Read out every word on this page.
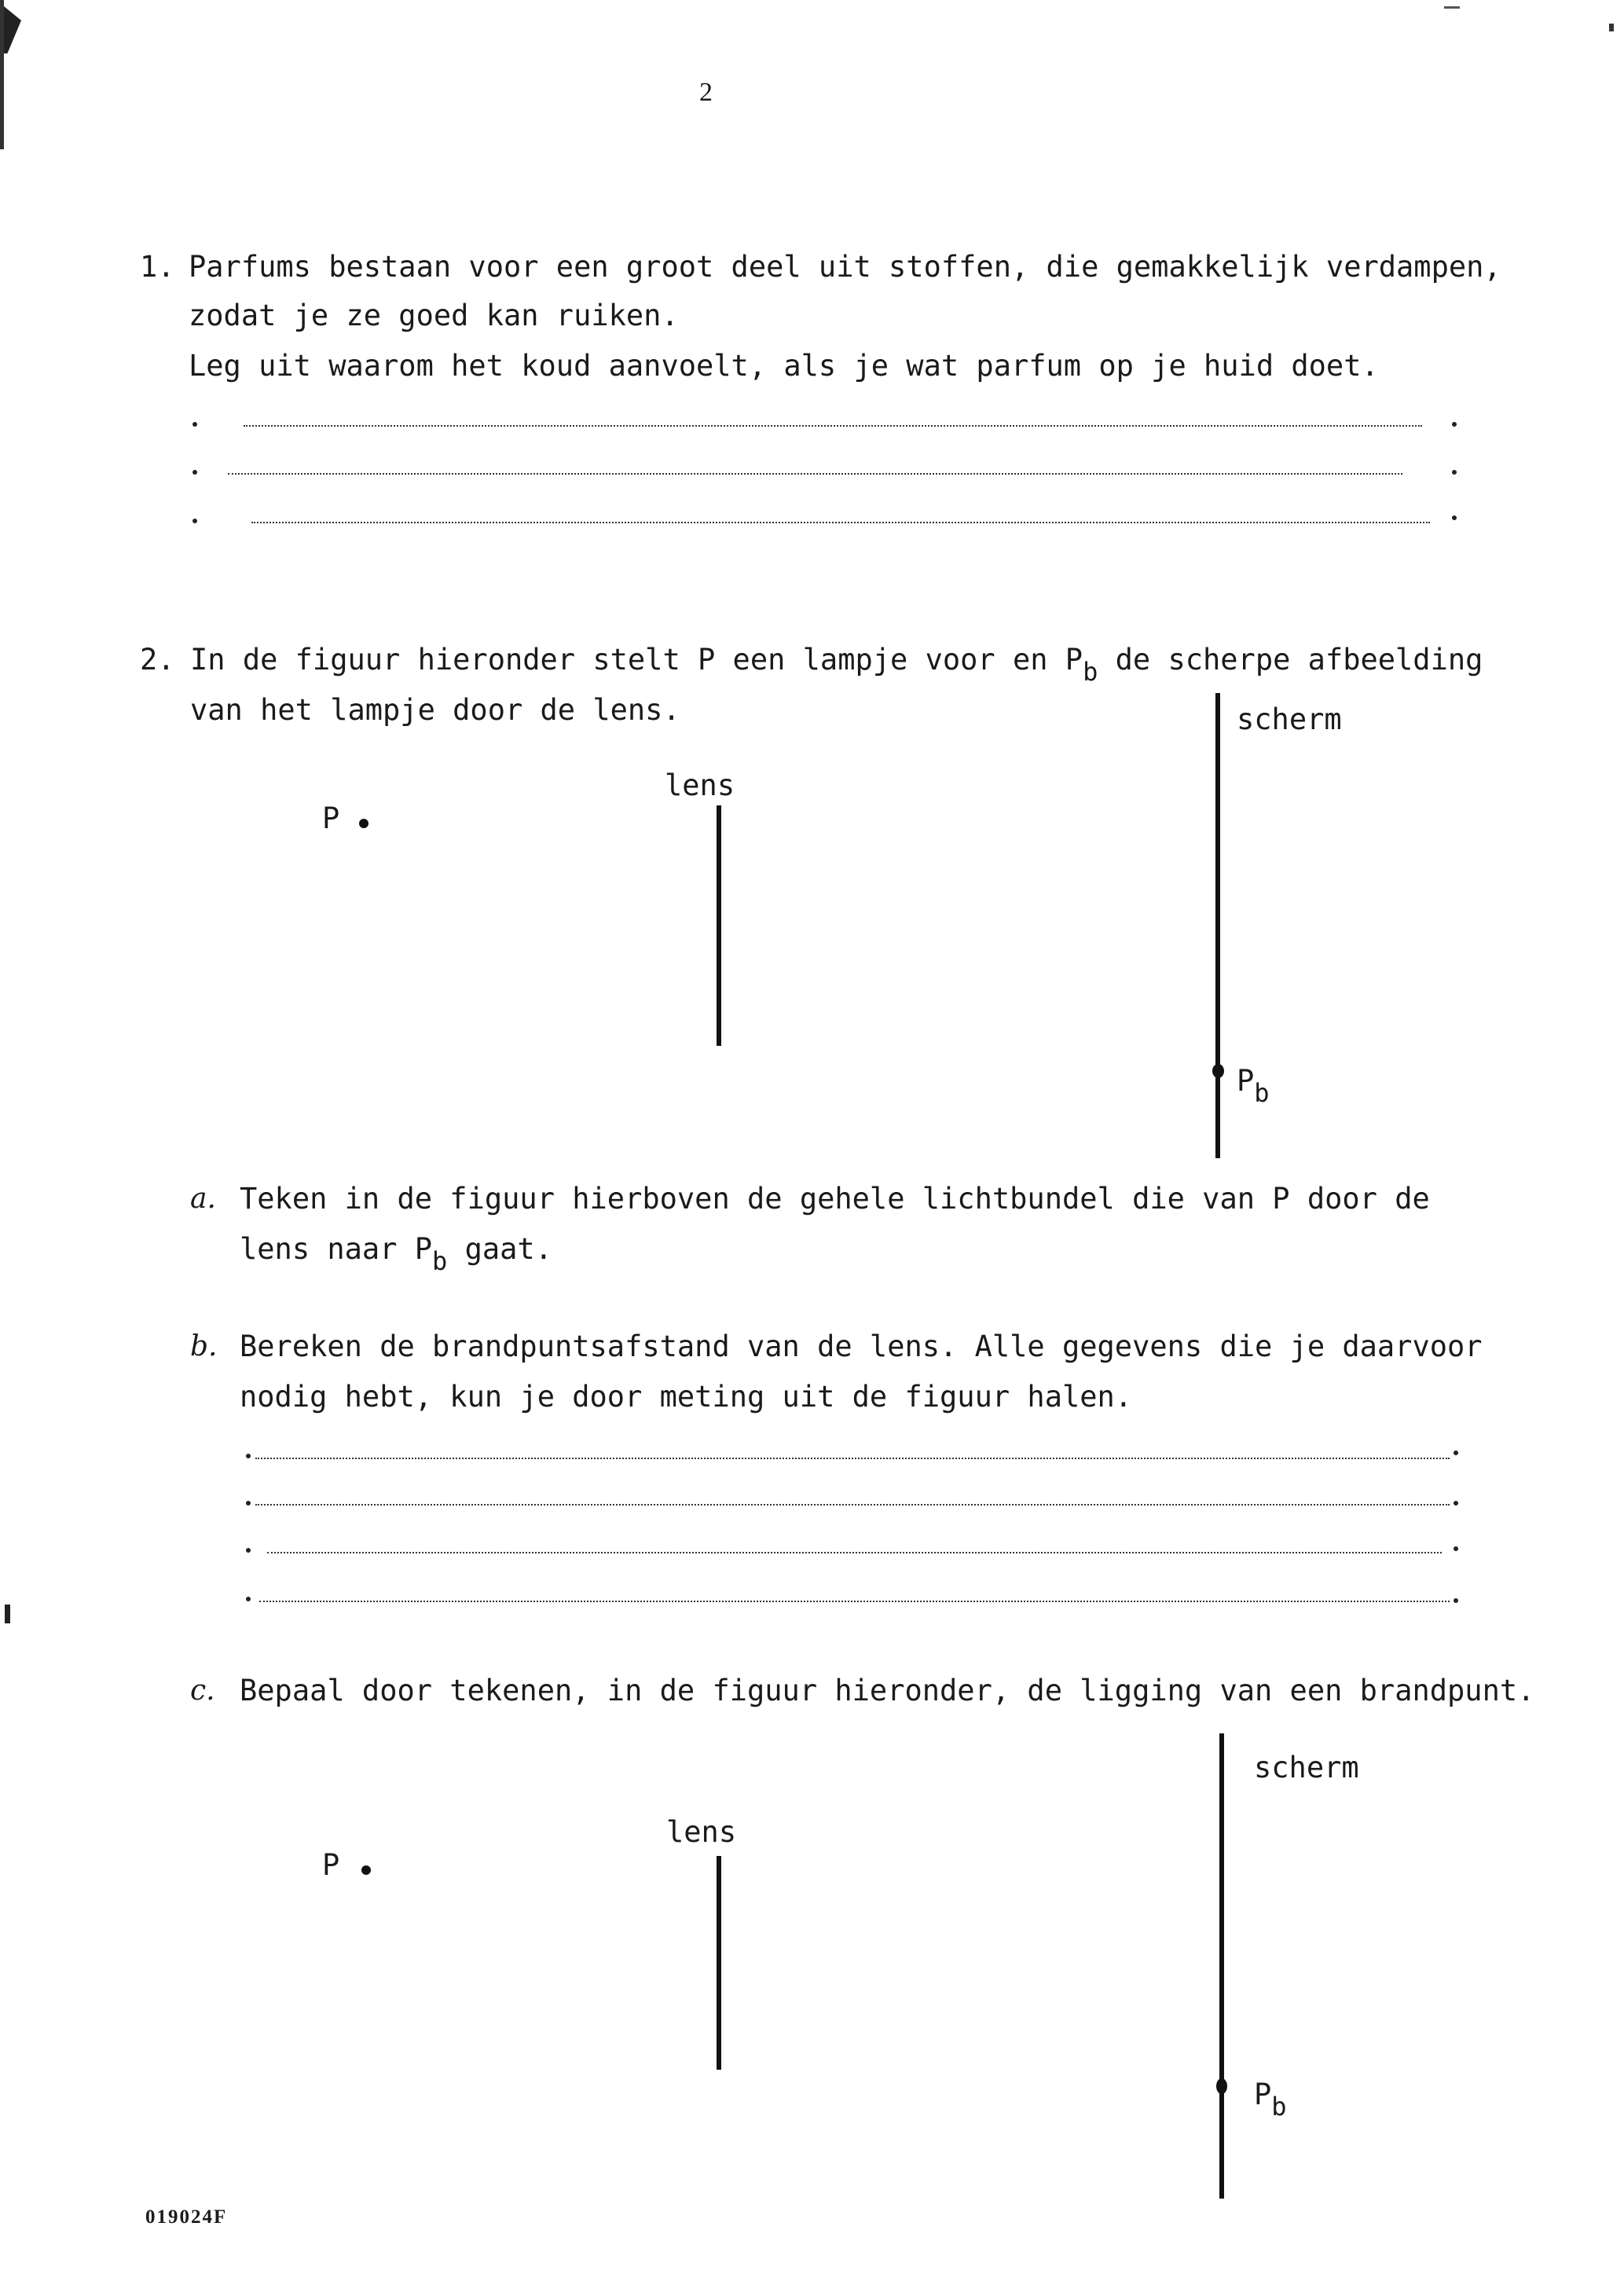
2
1. Parfums bestaan voor een groot deel uit stoffen, die gemakkelijk verdampen,
zodat je ze goed kan ruiken.
Leg uit waarom het koud aanvoelt, als je wat parfum op je huid doet.
2. In de figuur hieronder stelt P een lampje voor en Pb de scherpe afbeelding
van het lampje door de lens.	scherm
lens
P
Pb
a. Teken in de figuur hierboven de gehele lichtbundel die van P door de
lens naar Pb gaat.
b. Bereken de brandpuntsafstand van de lens. Alle gegevens die je daarvoor
nodig hebt, kun je door meting uit de figuur halen.
c. Bepaal door tekenen, in de figuur hieronder, de ligging van een brandpunt.
scherm
lens
P
Pb
019024F
